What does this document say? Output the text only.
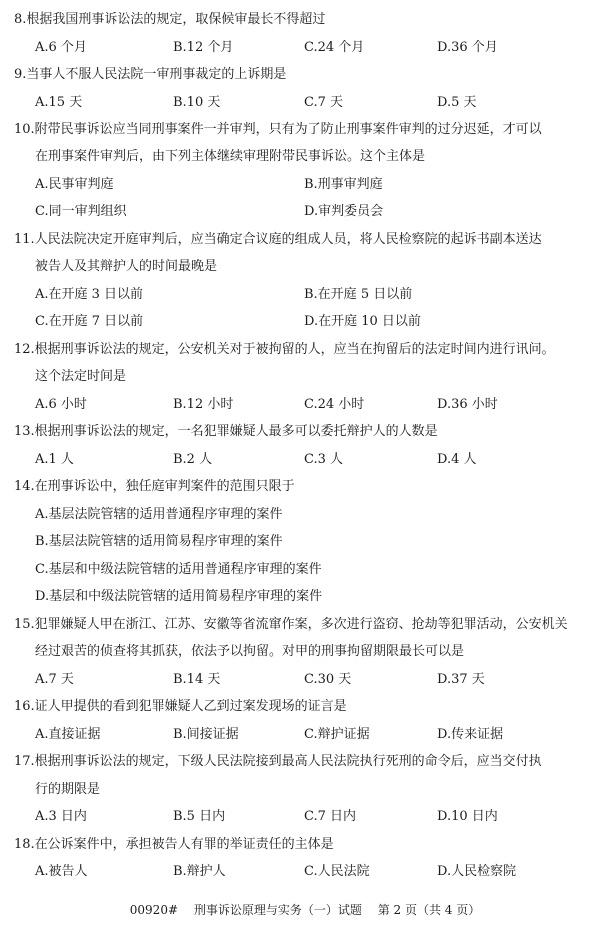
8.根据我国刑事诉讼法的规定，取保候审最长不得超过
A.6 个月	B.12 个月	C.24 个月	D.36 个月
9.当事人不服人民法院一审刑事裁定的上诉期是
A.15 天	B.10 天	C.7 天	D.5 天
10.附带民事诉讼应当同刑事案件一并审判，只有为了防止刑事案件审判的过分迟延，才可以
在刑事案件审判后，由下列主体继续审理附带民事诉讼。这个主体是
A.民事审判庭	B.刑事审判庭
C.同一审判组织	D.审判委员会
11.人民法院决定开庭审判后，应当确定合议庭的组成人员，将人民检察院的起诉书副本送达
被告人及其辩护人的时间最晚是
A.在开庭 3 日以前	B.在开庭 5 日以前
C.在开庭 7 日以前	D.在开庭 10 日以前
12.根据刑事诉讼法的规定，公安机关对于被拘留的人，应当在拘留后的法定时间内进行讯问。
这个法定时间是
A.6 小时	B.12 小时	C.24 小时	D.36 小时
13.根据刑事诉讼法的规定，一名犯罪嫌疑人最多可以委托辩护人的人数是
A.1 人	B.2 人	C.3 人	D.4 人
14.在刑事诉讼中，独任庭审判案件的范围只限于
A.基层法院管辖的适用普通程序审理的案件
B.基层法院管辖的适用简易程序审理的案件
C.基层和中级法院管辖的适用普通程序审理的案件
D.基层和中级法院管辖的适用简易程序审理的案件
15.犯罪嫌疑人甲在浙江、江苏、安徽等省流窜作案，多次进行盗窃、抢劫等犯罪活动，公安机关
经过艰苦的侦查将其抓获，依法予以拘留。对甲的刑事拘留期限最长可以是
A.7 天	B.14 天	C.30 天	D.37 天
16.证人甲提供的看到犯罪嫌疑人乙到过案发现场的证言是
A.直接证据	B.间接证据	C.辩护证据	D.传来证据
17.根据刑事诉讼法的规定，下级人民法院接到最高人民法院执行死刑的命令后，应当交付执
行的期限是
A.3 日内	B.5 日内	C.7 日内	D.10 日内
18.在公诉案件中，承担被告人有罪的举证责任的主体是
A.被告人	B.辩护人	C.人民法院	D.人民检察院
00920# 刑事诉讼原理与实务（一）试题 第 2 页（共 4 页）
